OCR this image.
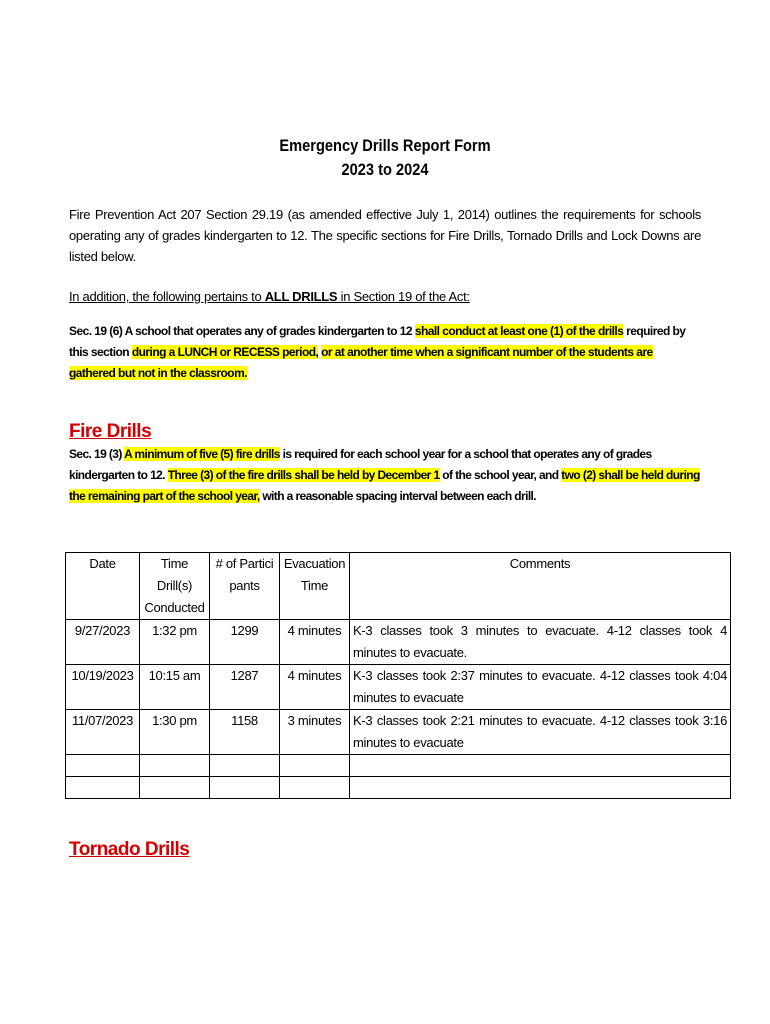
Emergency Drills Report Form
2023 to 2024
Fire Prevention Act 207 Section 29.19 (as amended effective July 1, 2014) outlines the requirements for schools operating any of grades kindergarten to 12. The specific sections for Fire Drills, Tornado Drills and Lock Downs are listed below.
In addition, the following pertains to ALL DRILLS in Section 19 of the Act:
Sec. 19 (6) A school that operates any of grades kindergarten to 12 shall conduct at least one (1) of the drills required by this section during a LUNCH or RECESS period, or at another time when a significant number of the students are gathered but not in the classroom.
Fire Drills
Sec. 19 (3) A minimum of five (5) fire drills is required for each school year for a school that operates any of grades kindergarten to 12. Three (3) of the fire drills shall be held by December 1 of the school year, and two (2) shall be held during the remaining part of the school year, with a reasonable spacing interval between each drill.
Date	Time Drill(s) Conducted	# of Participants	Evacuation Time	Comments
9/27/2023	1:32 pm	1299	4 minutes	K-3 classes took 3 minutes to evacuate. 4-12 classes took 4 minutes to evacuate.
10/19/2023	10:15 am	1287	4 minutes	K-3 classes took 2:37 minutes to evacuate. 4-12 classes took 4:04 minutes to evacuate
11/07/2023	1:30 pm	1158	3 minutes	K-3 classes took 2:21 minutes to evacuate. 4-12 classes took 3:16 minutes to evacuate

Tornado Drills
